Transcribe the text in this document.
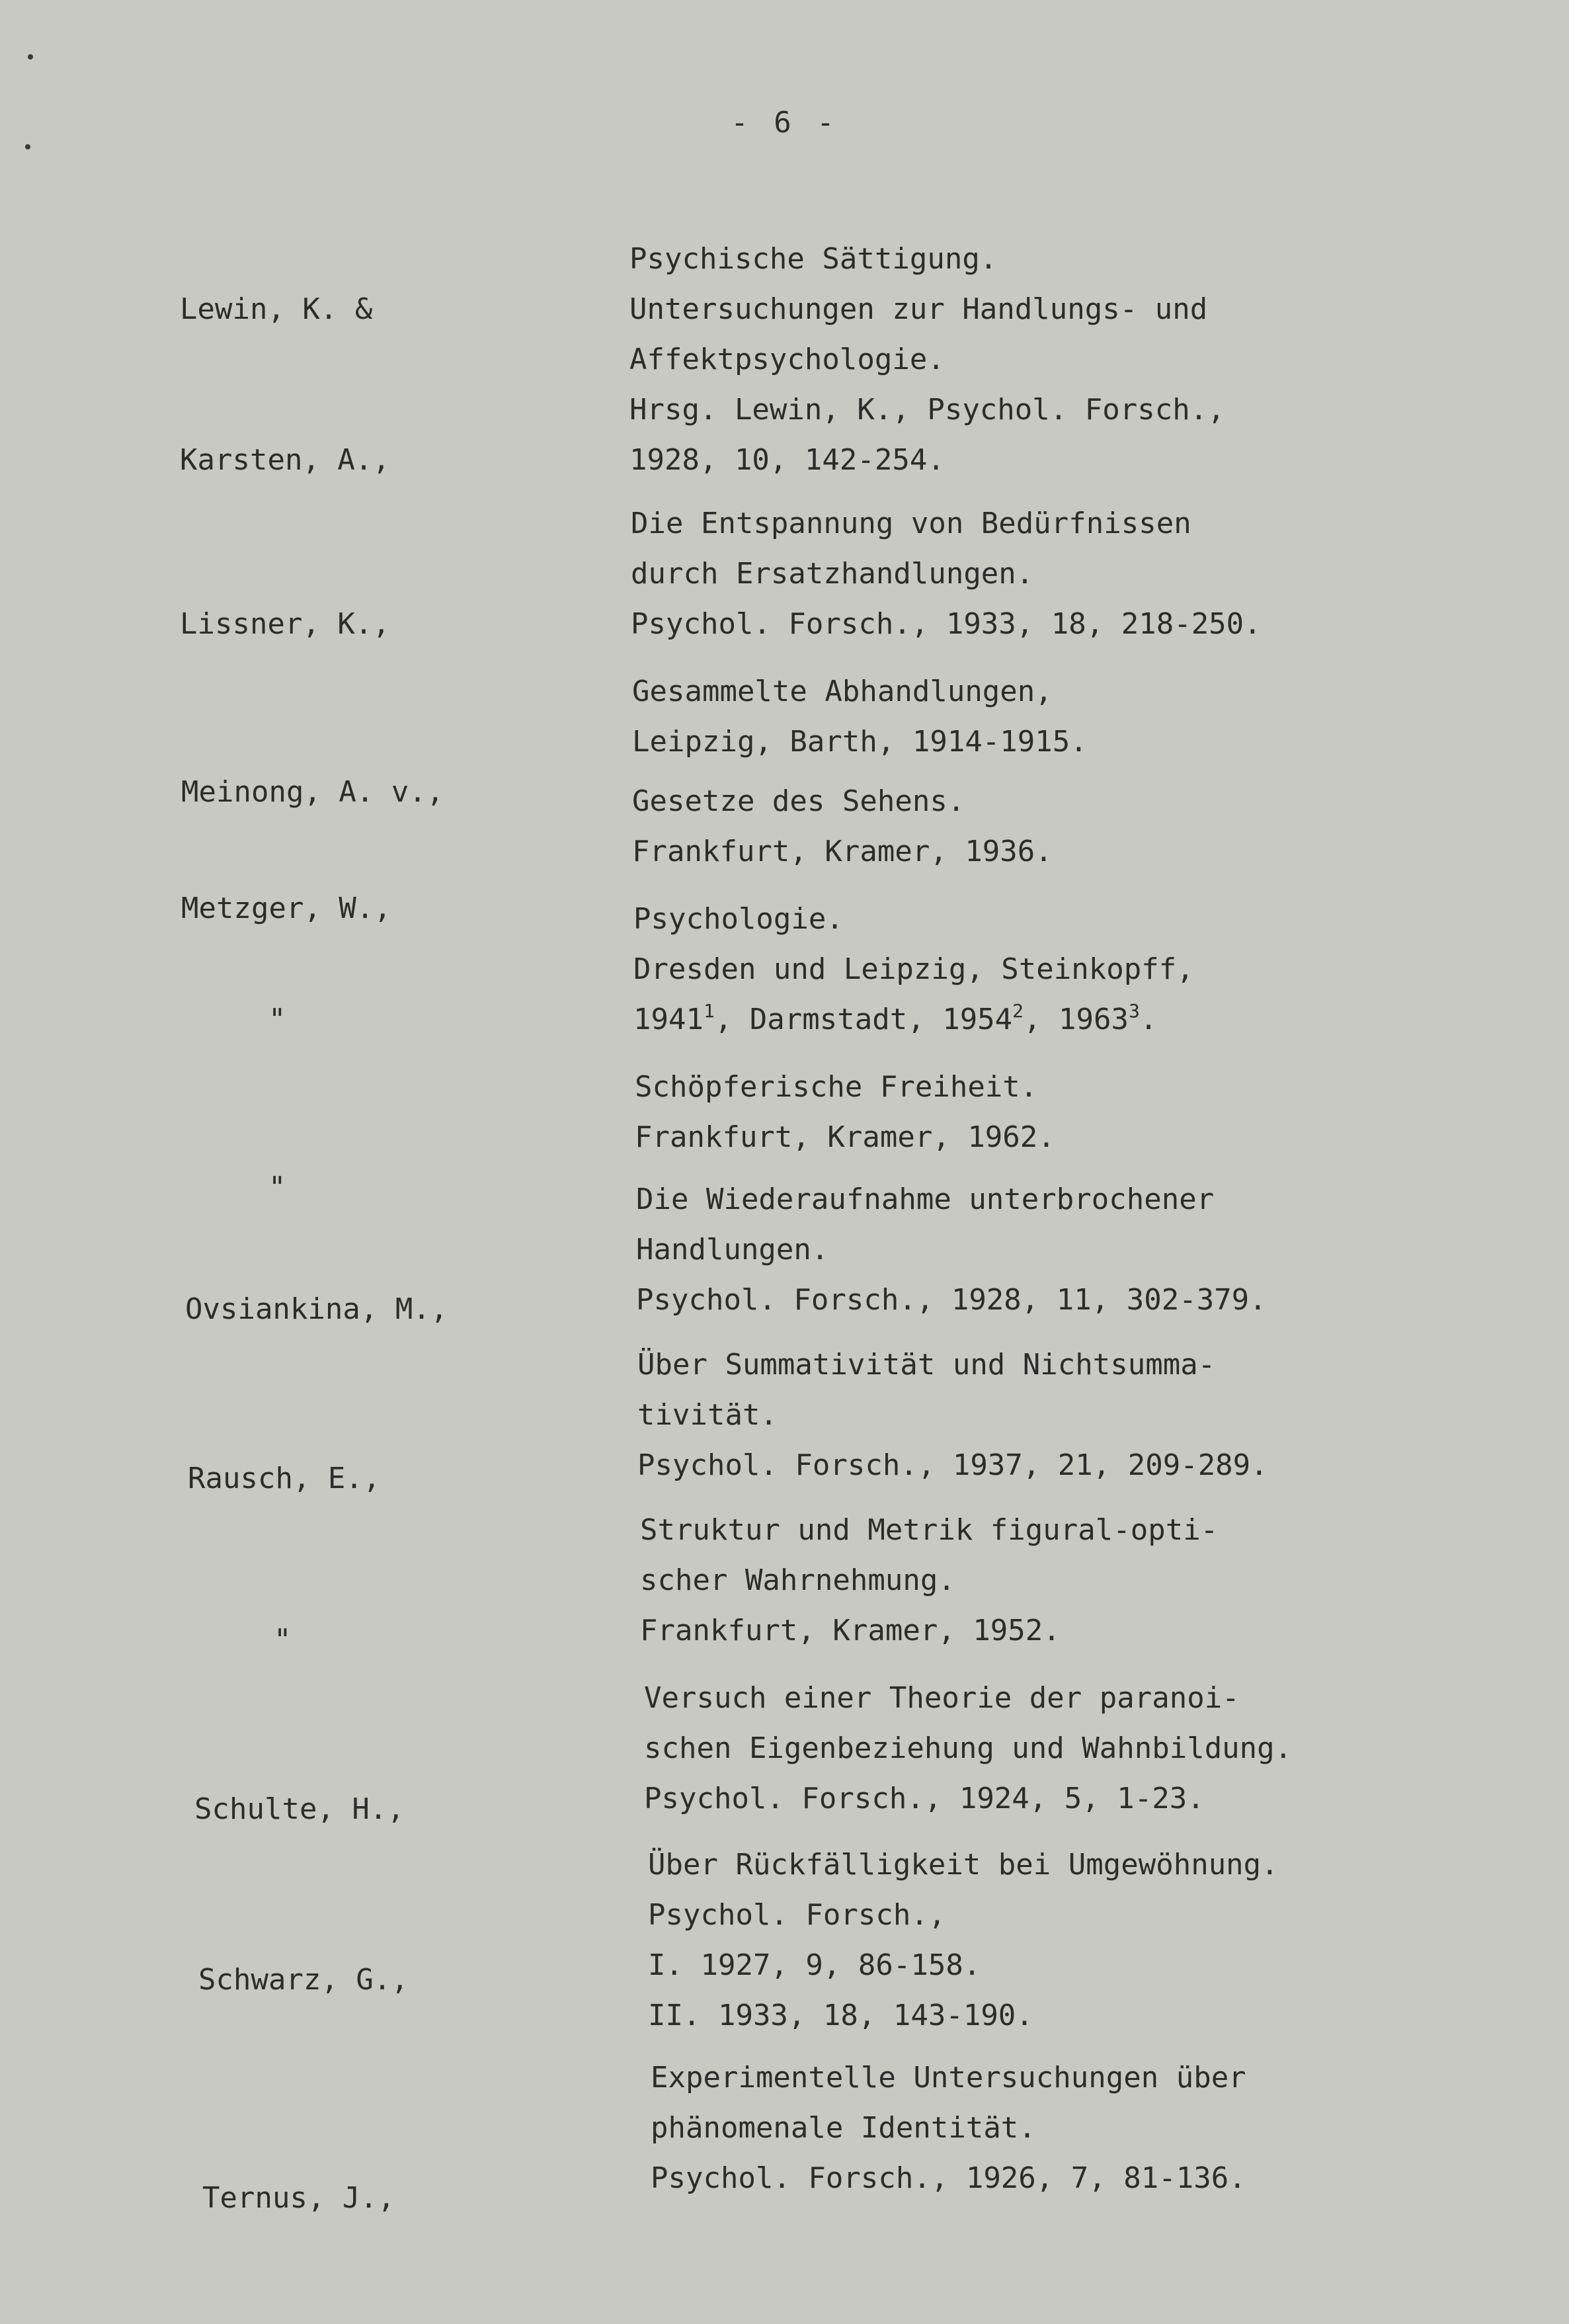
- 6 -

Lewin, K. &

Karsten, A.,

Psychische Sättigung.
Untersuchungen zur Handlungs- und
Affektpsychologie.
Hrsg. Lewin, K., Psychol. Forsch.,
1928, 10, 142-254.

Lissner, K.,

Die Entspannung von Bedürfnissen
durch Ersatzhandlungen.
Psychol. Forsch., 1933, 18, 218-250.

Meinong, A. v.,

Gesammelte Abhandlungen,
Leipzig, Barth, 1914-1915.

Metzger, W.,

Gesetze des Sehens.
Frankfurt, Kramer, 1936.

"

Psychologie.
Dresden und Leipzig, Steinkopff,
1941$^1$, Darmstadt, 1954$^2$, 1963$^3$.

"

Schöpferische Freiheit.
Frankfurt, Kramer, 1962.

Ovsiankina, M.,

Die Wiederaufnahme unterbrochener
Handlungen.
Psychol. Forsch., 1928, 11, 302-379.

Rausch, E.,

Über Summativität und Nichtsumma-
tivität.
Psychol. Forsch., 1937, 21, 209-289.

"

Struktur und Metrik figural-opti-
scher Wahrnehmung.
Frankfurt, Kramer, 1952.

Schulte, H.,

Versuch einer Theorie der paranoi-
schen Eigenbeziehung und Wahnbildung.
Psychol. Forsch., 1924, 5, 1-23.

Schwarz, G.,

Über Rückfälligkeit bei Umgewöhnung.
Psychol. Forsch.,
I. 1927, 9, 86-158.
II. 1933, 18, 143-190.

Ternus, J.,

Experimentelle Untersuchungen über
phänomenale Identität.
Psychol. Forsch., 1926, 7, 81-136.
